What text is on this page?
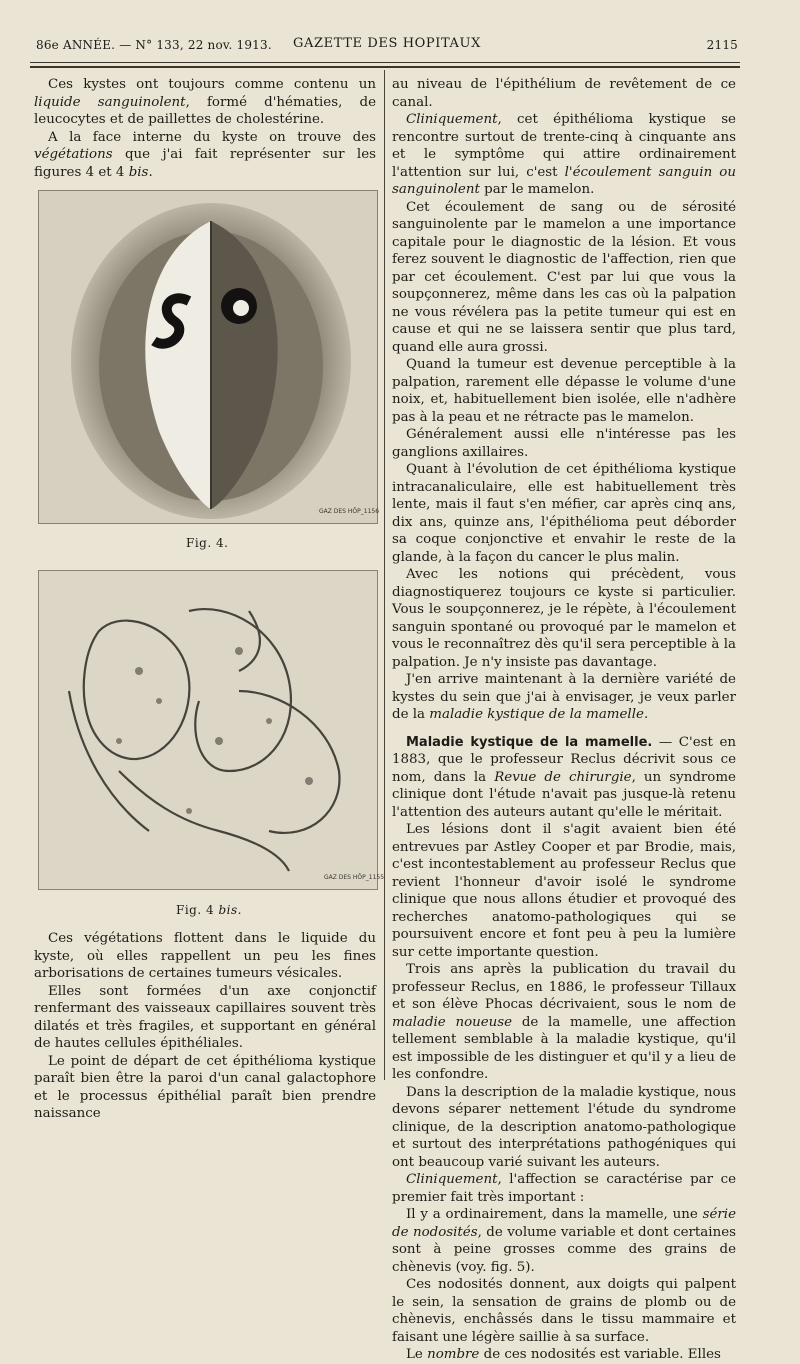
86e ANNÉE. — N° 133, 22 nov. 1913.	GAZETTE DES HOPITAUX	2115

Ces kystes ont toujours comme contenu un liquide sanguinolent, formé d'hématies, de leucocytes et de paillettes de cholestérine.

A la face interne du kyste on trouve des végétations que j'ai fait représenter sur les figures 4 et 4 bis.

GAZ DES HÔP_1156
Fig. 4.
GAZ DES HÔP_1155
Fig. 4 bis.

Ces végétations flottent dans le liquide du kyste, où elles rappellent un peu les fines arborisations de certaines tumeurs vésicales.

Elles sont formées d'un axe conjonctif renfermant des vaisseaux capillaires souvent très dilatés et très fragiles, et supportant en général de hautes cellules épithéliales.

Le point de départ de cet épithélioma kystique paraît bien être la paroi d'un canal galactophore et le processus épithélial paraît bien prendre naissance

au niveau de l'épithélium de revêtement de ce canal.

Cliniquement, cet épithélioma kystique se rencontre surtout de trente-cinq à cinquante ans et le symptôme qui attire ordinairement l'attention sur lui, c'est l'écoulement sanguin ou sanguinolent par le mamelon.

Cet écoulement de sang ou de sérosité sanguinolente par le mamelon a une importance capitale pour le diagnostic de la lésion. Et vous ferez souvent le diagnostic de l'affection, rien que par cet écoulement. C'est par lui que vous la soupçonnerez, même dans les cas où la palpation ne vous révélera pas la petite tumeur qui est en cause et qui ne se laissera sentir que plus tard, quand elle aura grossi.

Quand la tumeur est devenue perceptible à la palpation, rarement elle dépasse le volume d'une noix, et, habituellement bien isolée, elle n'adhère pas à la peau et ne rétracte pas le mamelon.

Généralement aussi elle n'intéresse pas les ganglions axillaires.

Quant à l'évolution de cet épithélioma kystique intracanaliculaire, elle est habituellement très lente, mais il faut s'en méfier, car après cinq ans, dix ans, quinze ans, l'épithélioma peut déborder sa coque conjonctive et envahir le reste de la glande, à la façon du cancer le plus malin.

Avec les notions qui précèdent, vous diagnostiquerez toujours ce kyste si particulier. Vous le soupçonnerez, je le répète, à l'écoulement sanguin spontané ou provoqué par le mamelon et vous le reconnaîtrez dès qu'il sera perceptible à la palpation. Je n'y insiste pas davantage.

J'en arrive maintenant à la dernière variété de kystes du sein que j'ai à envisager, je veux parler de la maladie kystique de la mamelle.

Maladie kystique de la mamelle. — C'est en 1883, que le professeur Reclus décrivit sous ce nom, dans la Revue de chirurgie, un syndrome clinique dont l'étude n'avait pas jusque-là retenu l'attention des auteurs autant qu'elle le méritait.

Les lésions dont il s'agit avaient bien été entrevues par Astley Cooper et par Brodie, mais, c'est incontestablement au professeur Reclus que revient l'honneur d'avoir isolé le syndrome clinique que nous allons étudier et provoqué des recherches anatomo-pathologiques qui se poursuivent encore et font peu à peu la lumière sur cette importante question.

Trois ans après la publication du travail du professeur Reclus, en 1886, le professeur Tillaux et son élève Phocas décrivaient, sous le nom de maladie noueuse de la mamelle, une affection tellement semblable à la maladie kystique, qu'il est impossible de les distinguer et qu'il y a lieu de les confondre.

Dans la description de la maladie kystique, nous devons séparer nettement l'étude du syndrome clinique, de la description anatomo-pathologique et surtout des interprétations pathogéniques qui ont beaucoup varié suivant les auteurs.

Cliniquement, l'affection se caractérise par ce premier fait très important :

Il y a ordinairement, dans la mamelle, une série de nodosités, de volume variable et dont certaines sont à peine grosses comme des grains de chènevis (voy. fig. 5).

Ces nodosités donnent, aux doigts qui palpent le sein, la sensation de grains de plomb ou de chènevis, enchâssés dans le tissu mammaire et faisant une légère saillie à sa surface.

Le nombre de ces nodosités est variable. Elles
